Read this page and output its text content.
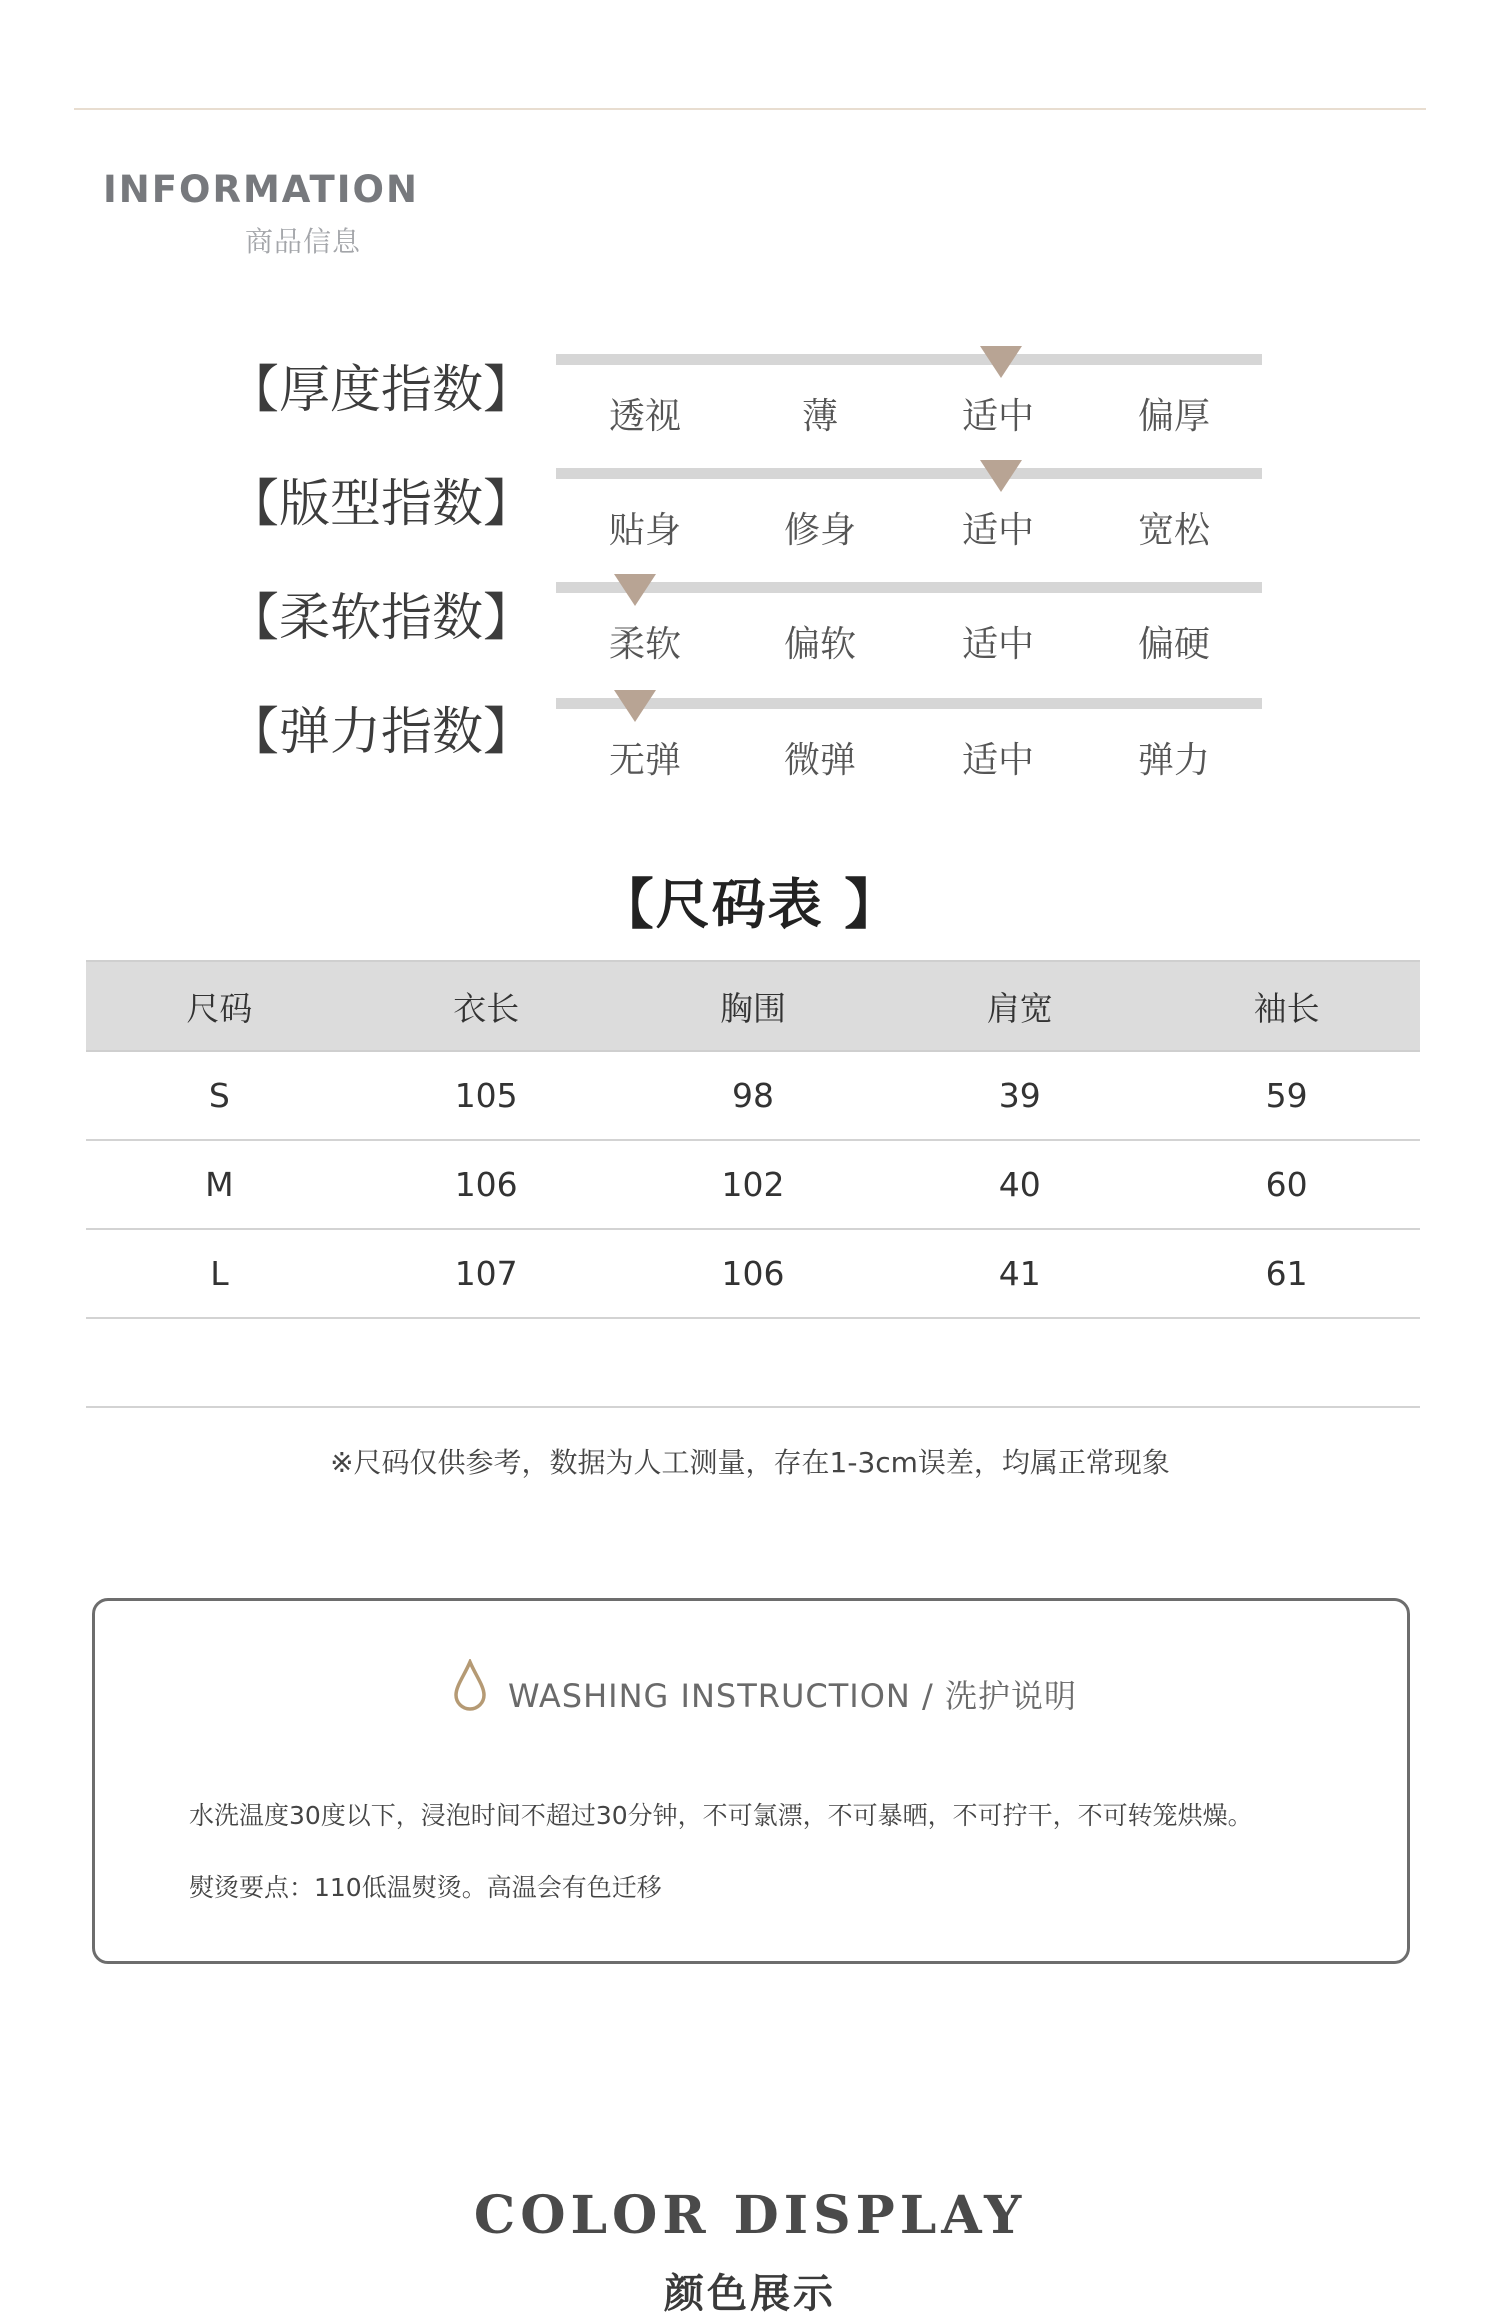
INFORMATION
商品信息
【厚度指数】	透视	薄	适中	偏厚
【版型指数】	贴身	修身	适中	宽松
【柔软指数】	柔软	偏软	适中	偏硬
【弹力指数】	无弹	微弹	适中	弹力
【尺码表 】
尺码	衣长	胸围	肩宽	袖长
S	105	98	39	59
M	106	102	40	60
L	107	106	41	61

※尺码仅供参考，数据为人工测量，存在1-3cm误差，均属正常现象
WASHING INSTRUCTION / 洗护说明
水洗温度30度以下，浸泡时间不超过30分钟，不可氯漂，不可暴晒，不可拧干，不可转笼烘燥。
熨烫要点：110低温熨烫。高温会有色迁移
COLOR DISPLAY
颜色展示
